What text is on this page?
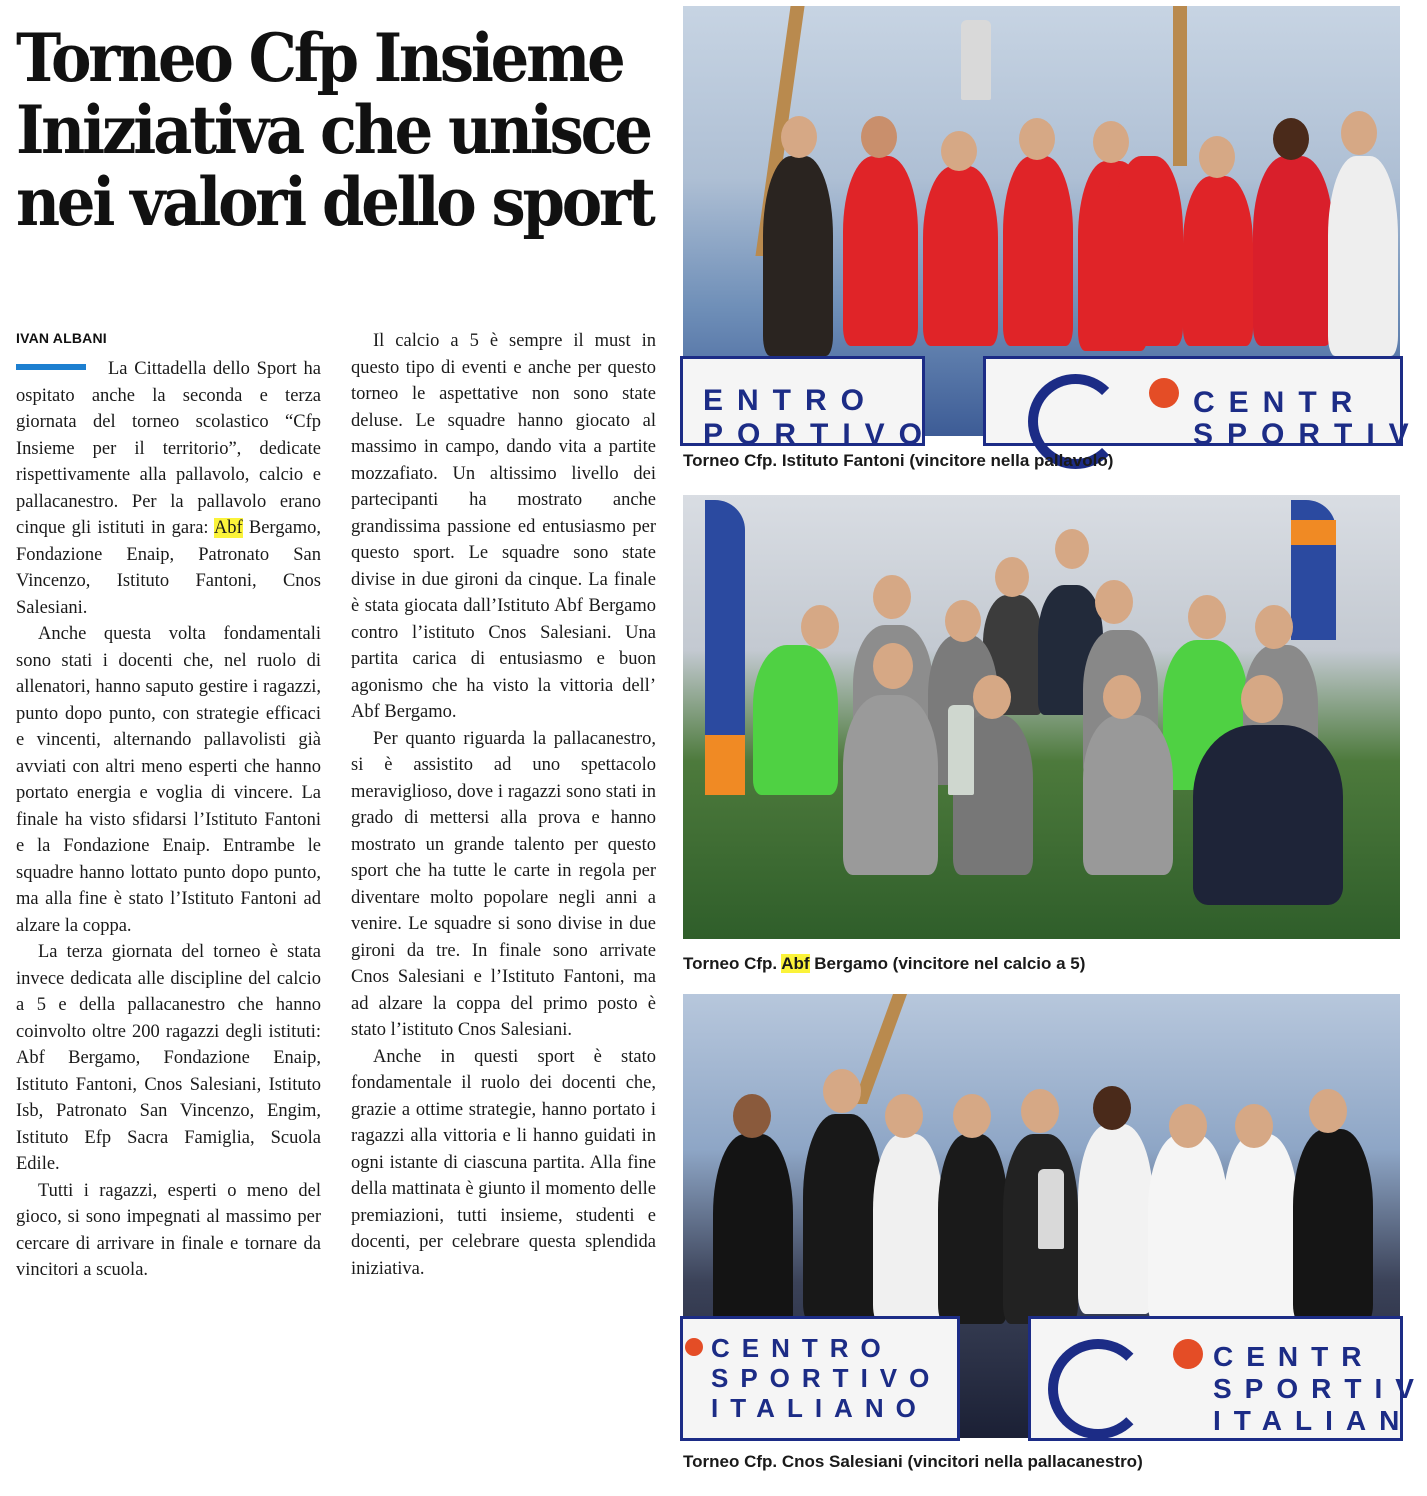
Torneo Cfp Insieme
Iniziativa che unisce
nei valori dello sport
IVAN ALBANI

La Cittadella dello Sport ha ospitato anche la seconda e terza giornata del torneo scolastico “Cfp Insieme per il territorio”, dedicate rispettivamente alla pallavolo, calcio e pallacanestro. Per la pallavolo erano cinque gli istituti in gara: Abf Bergamo, Fondazione Enaip, Patronato San Vincenzo, Istituto Fantoni, Cnos Salesiani.

Anche questa volta fondamentali sono stati i docenti che, nel ruolo di allenatori, hanno saputo gestire i ragazzi, punto dopo punto, con strategie efficaci e vincenti, alternando pallavolisti già avviati con altri meno esperti che hanno portato energia e voglia di vincere. La finale ha visto sfidarsi l’Istituto Fantoni e la Fondazione Enaip. Entrambe le squadre hanno lottato punto dopo punto, ma alla fine è stato l’Istituto Fantoni ad alzare la coppa.

La terza giornata del torneo è stata invece dedicata alle discipline del calcio a 5 e della pallacanestro che hanno coinvolto oltre 200 ragazzi degli istituti: Abf Bergamo, Fondazione Enaip, Istituto Fantoni, Cnos Salesiani, Istituto Isb, Patronato San Vincenzo, Engim, Istituto Efp Sacra Famiglia, Scuola Edile.

Tutti i ragazzi, esperti o meno del gioco, si sono impegnati al massimo per cercare di arrivare in finale e tornare da vincitori a scuola.

Il calcio a 5 è sempre il must in questo tipo di eventi e anche per questo torneo le aspettative non sono state deluse. Le squadre hanno giocato al massimo in campo, dando vita a partite mozzafiato. Un altissimo livello dei partecipanti ha mostrato anche grandissima passione ed entusiasmo per questo sport. Le squadre sono state divise in due gironi da cinque. La finale è stata giocata dall’Istituto Abf Bergamo contro l’istituto Cnos Salesiani. Una partita carica di entusiasmo e buon agonismo che ha visto la vittoria dell’ Abf Bergamo.

Per quanto riguarda la pallacanestro, si è assistito ad uno spettacolo meraviglioso, dove i ragazzi sono stati in grado di mettersi alla prova e hanno mostrato un grande talento per questo sport che ha tutte le carte in regola per diventare molto popolare negli anni a venire. Le squadre si sono divise in due gironi da tre. In finale sono arrivate Cnos Salesiani e l’Istituto Fantoni, ma ad alzare la coppa del primo posto è stato l’istituto Cnos Salesiani.

Anche in questi sport è stato fondamentale il ruolo dei docenti che, grazie a ottime strategie, hanno portato i ragazzi alla vittoria e li hanno guidati in ogni istante di ciascuna partita. Alla fine della mattinata è giunto il momento delle premiazioni, tutti insieme, studenti e docenti, per celebrare questa splendida iniziativa.

ENTRO
PORTIVO
CENTR
SPORTIV
Torneo Cfp. Istituto Fantoni (vincitore nella pallavolo)
Torneo Cfp. Abf Bergamo (vincitore nel calcio a 5)
CENTRO
SPORTIVO
ITALIANO
CENTR
SPORTIV
ITALIAN
Torneo Cfp. Cnos Salesiani (vincitori nella pallacanestro)
